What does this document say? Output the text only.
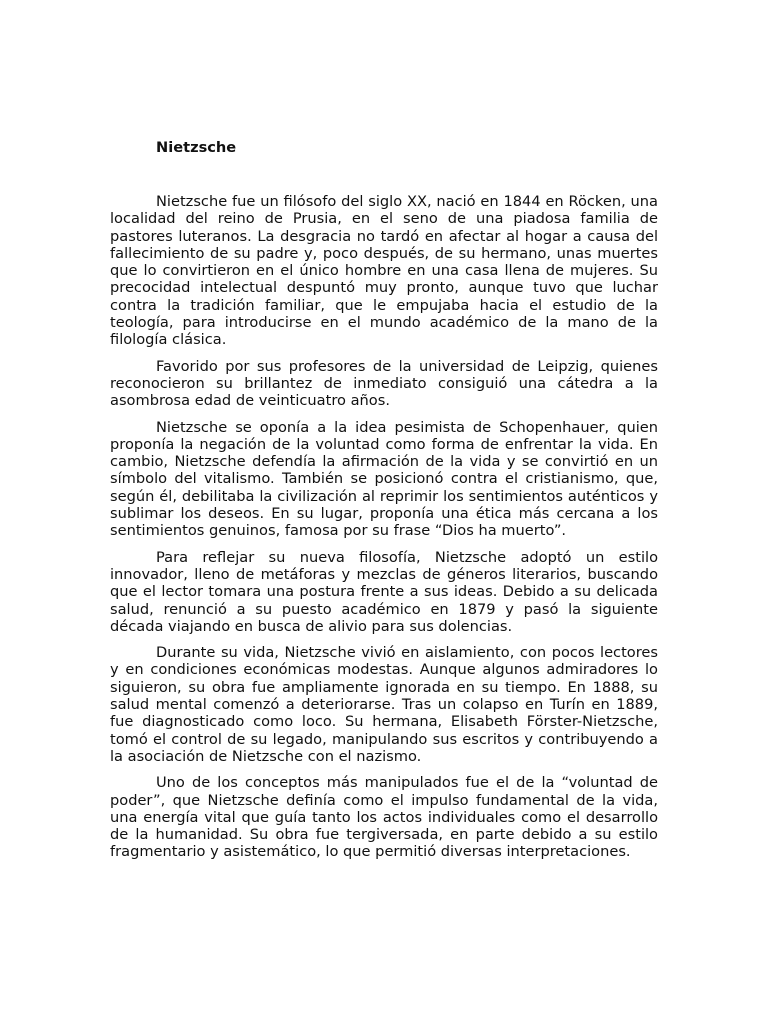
Nietzsche

Nietzsche fue un filósofo del siglo XX, nació en 1844 en Röcken, una localidad del reino de Prusia, en el seno de una piadosa familia de pastores luteranos. La desgracia no tardó en afectar al hogar a causa del fallecimiento de su padre y, poco después, de su hermano, unas muertes que lo convirtieron en el único hombre en una casa llena de mujeres. Su precocidad intelectual despuntó muy pronto, aunque tuvo que luchar contra la tradición familiar, que le empujaba hacia el estudio de la teología, para introducirse en el mundo académico de la mano de la filología clásica.

Favorido por sus profesores de la universidad de Leipzig, quienes reconocieron su brillantez de inmediato consiguió una cátedra a la asombrosa edad de veinticuatro años.

Nietzsche se oponía a la idea pesimista de Schopenhauer, quien proponía la negación de la voluntad como forma de enfrentar la vida. En cambio, Nietzsche defendía la afirmación de la vida y se convirtió en un símbolo del vitalismo. También se posicionó contra el cristianismo, que, según él, debilitaba la civilización al reprimir los sentimientos auténticos y sublimar los deseos. En su lugar, proponía una ética más cercana a los sentimientos genuinos, famosa por su frase “Dios ha muerto”.

Para reflejar su nueva filosofía, Nietzsche adoptó un estilo innovador, lleno de metáforas y mezclas de géneros literarios, buscando que el lector tomara una postura frente a sus ideas. Debido a su delicada salud, renunció a su puesto académico en 1879 y pasó la siguiente década viajando en busca de alivio para sus dolencias.

Durante su vida, Nietzsche vivió en aislamiento, con pocos lectores y en condiciones económicas modestas. Aunque algunos admiradores lo siguieron, su obra fue ampliamente ignorada en su tiempo. En 1888, su salud mental comenzó a deteriorarse. Tras un colapso en Turín en 1889, fue diagnosticado como loco. Su hermana, Elisabeth Förster-Nietzsche, tomó el control de su legado, manipulando sus escritos y contribuyendo a la asociación de Nietzsche con el nazismo.

Uno de los conceptos más manipulados fue el de la “voluntad de poder”, que Nietzsche definía como el impulso fundamental de la vida, una energía vital que guía tanto los actos individuales como el desarrollo de la humanidad. Su obra fue tergiversada, en parte debido a su estilo fragmentario y asistemático, lo que permitió diversas interpretaciones.
